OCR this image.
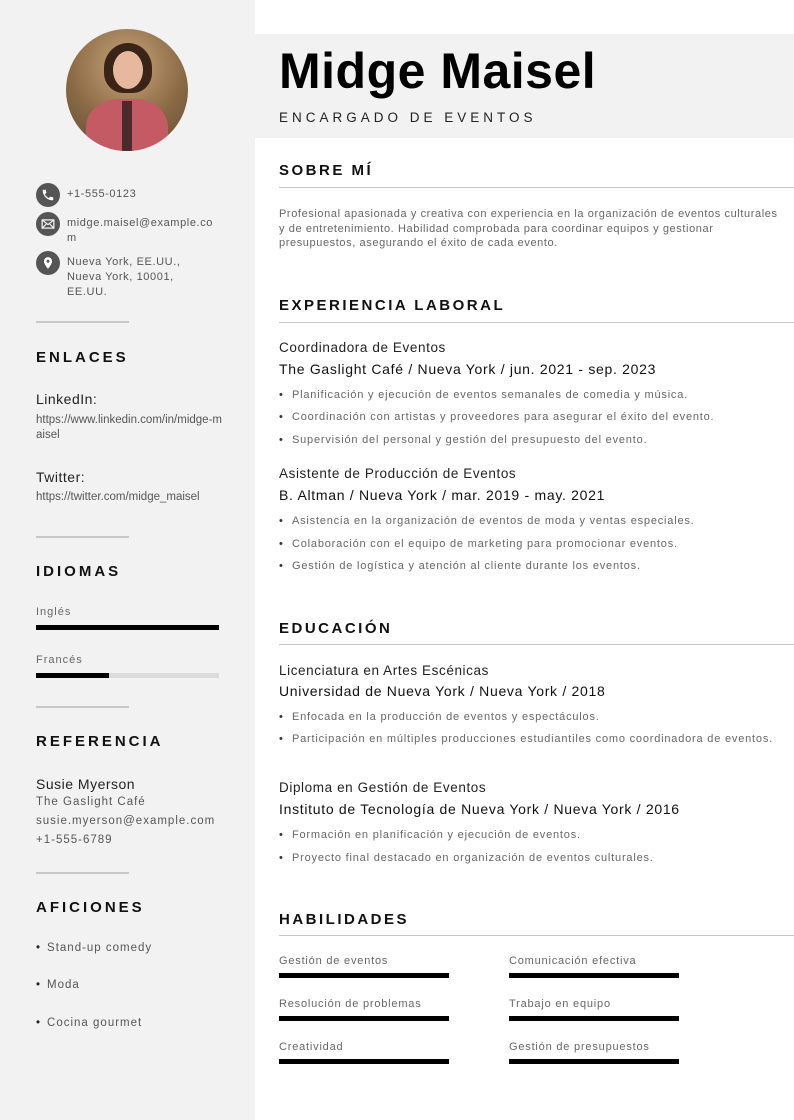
+1-555-0123
midge.maisel@example.com
Nueva York, EE.UU., Nueva York, 10001, EE.UU.
ENLACES
LinkedIn:
https://www.linkedin.com/in/midge-maisel
Twitter:
https://twitter.com/midge_maisel
IDIOMAS
Inglés
Francés
REFERENCIA
Susie Myerson
The Gaslight Café
susie.myerson@example.com
+1-555-6789
AFICIONES
• Stand-up comedy
• Moda
• Cocina gourmet
Midge Maisel
ENCARGADO DE EVENTOS
SOBRE MÍ
Profesional apasionada y creativa con experiencia en la organización de eventos culturales y de entretenimiento. Habilidad comprobada para coordinar equipos y gestionar presupuestos, asegurando el éxito de cada evento.
EXPERIENCIA LABORAL
Coordinadora de Eventos
The Gaslight Café / Nueva York / jun. 2021 - sep. 2023
• Planificación y ejecución de eventos semanales de comedia y música.
• Coordinación con artistas y proveedores para asegurar el éxito del evento.
• Supervisión del personal y gestión del presupuesto del evento.
Asistente de Producción de Eventos
B. Altman / Nueva York / mar. 2019 - may. 2021
• Asistencia en la organización de eventos de moda y ventas especiales.
• Colaboración con el equipo de marketing para promocionar eventos.
• Gestión de logística y atención al cliente durante los eventos.
EDUCACIÓN
Licenciatura en Artes Escénicas
Universidad de Nueva York / Nueva York / 2018
• Enfocada en la producción de eventos y espectáculos.
• Participación en múltiples producciones estudiantiles como coordinadora de eventos.
Diploma en Gestión de Eventos
Instituto de Tecnología de Nueva York / Nueva York / 2016
• Formación en planificación y ejecución de eventos.
• Proyecto final destacado en organización de eventos culturales.
HABILIDADES
Gestión de eventos	Comunicación efectiva
Resolución de problemas	Trabajo en equipo
Creatividad	Gestión de presupuestos
